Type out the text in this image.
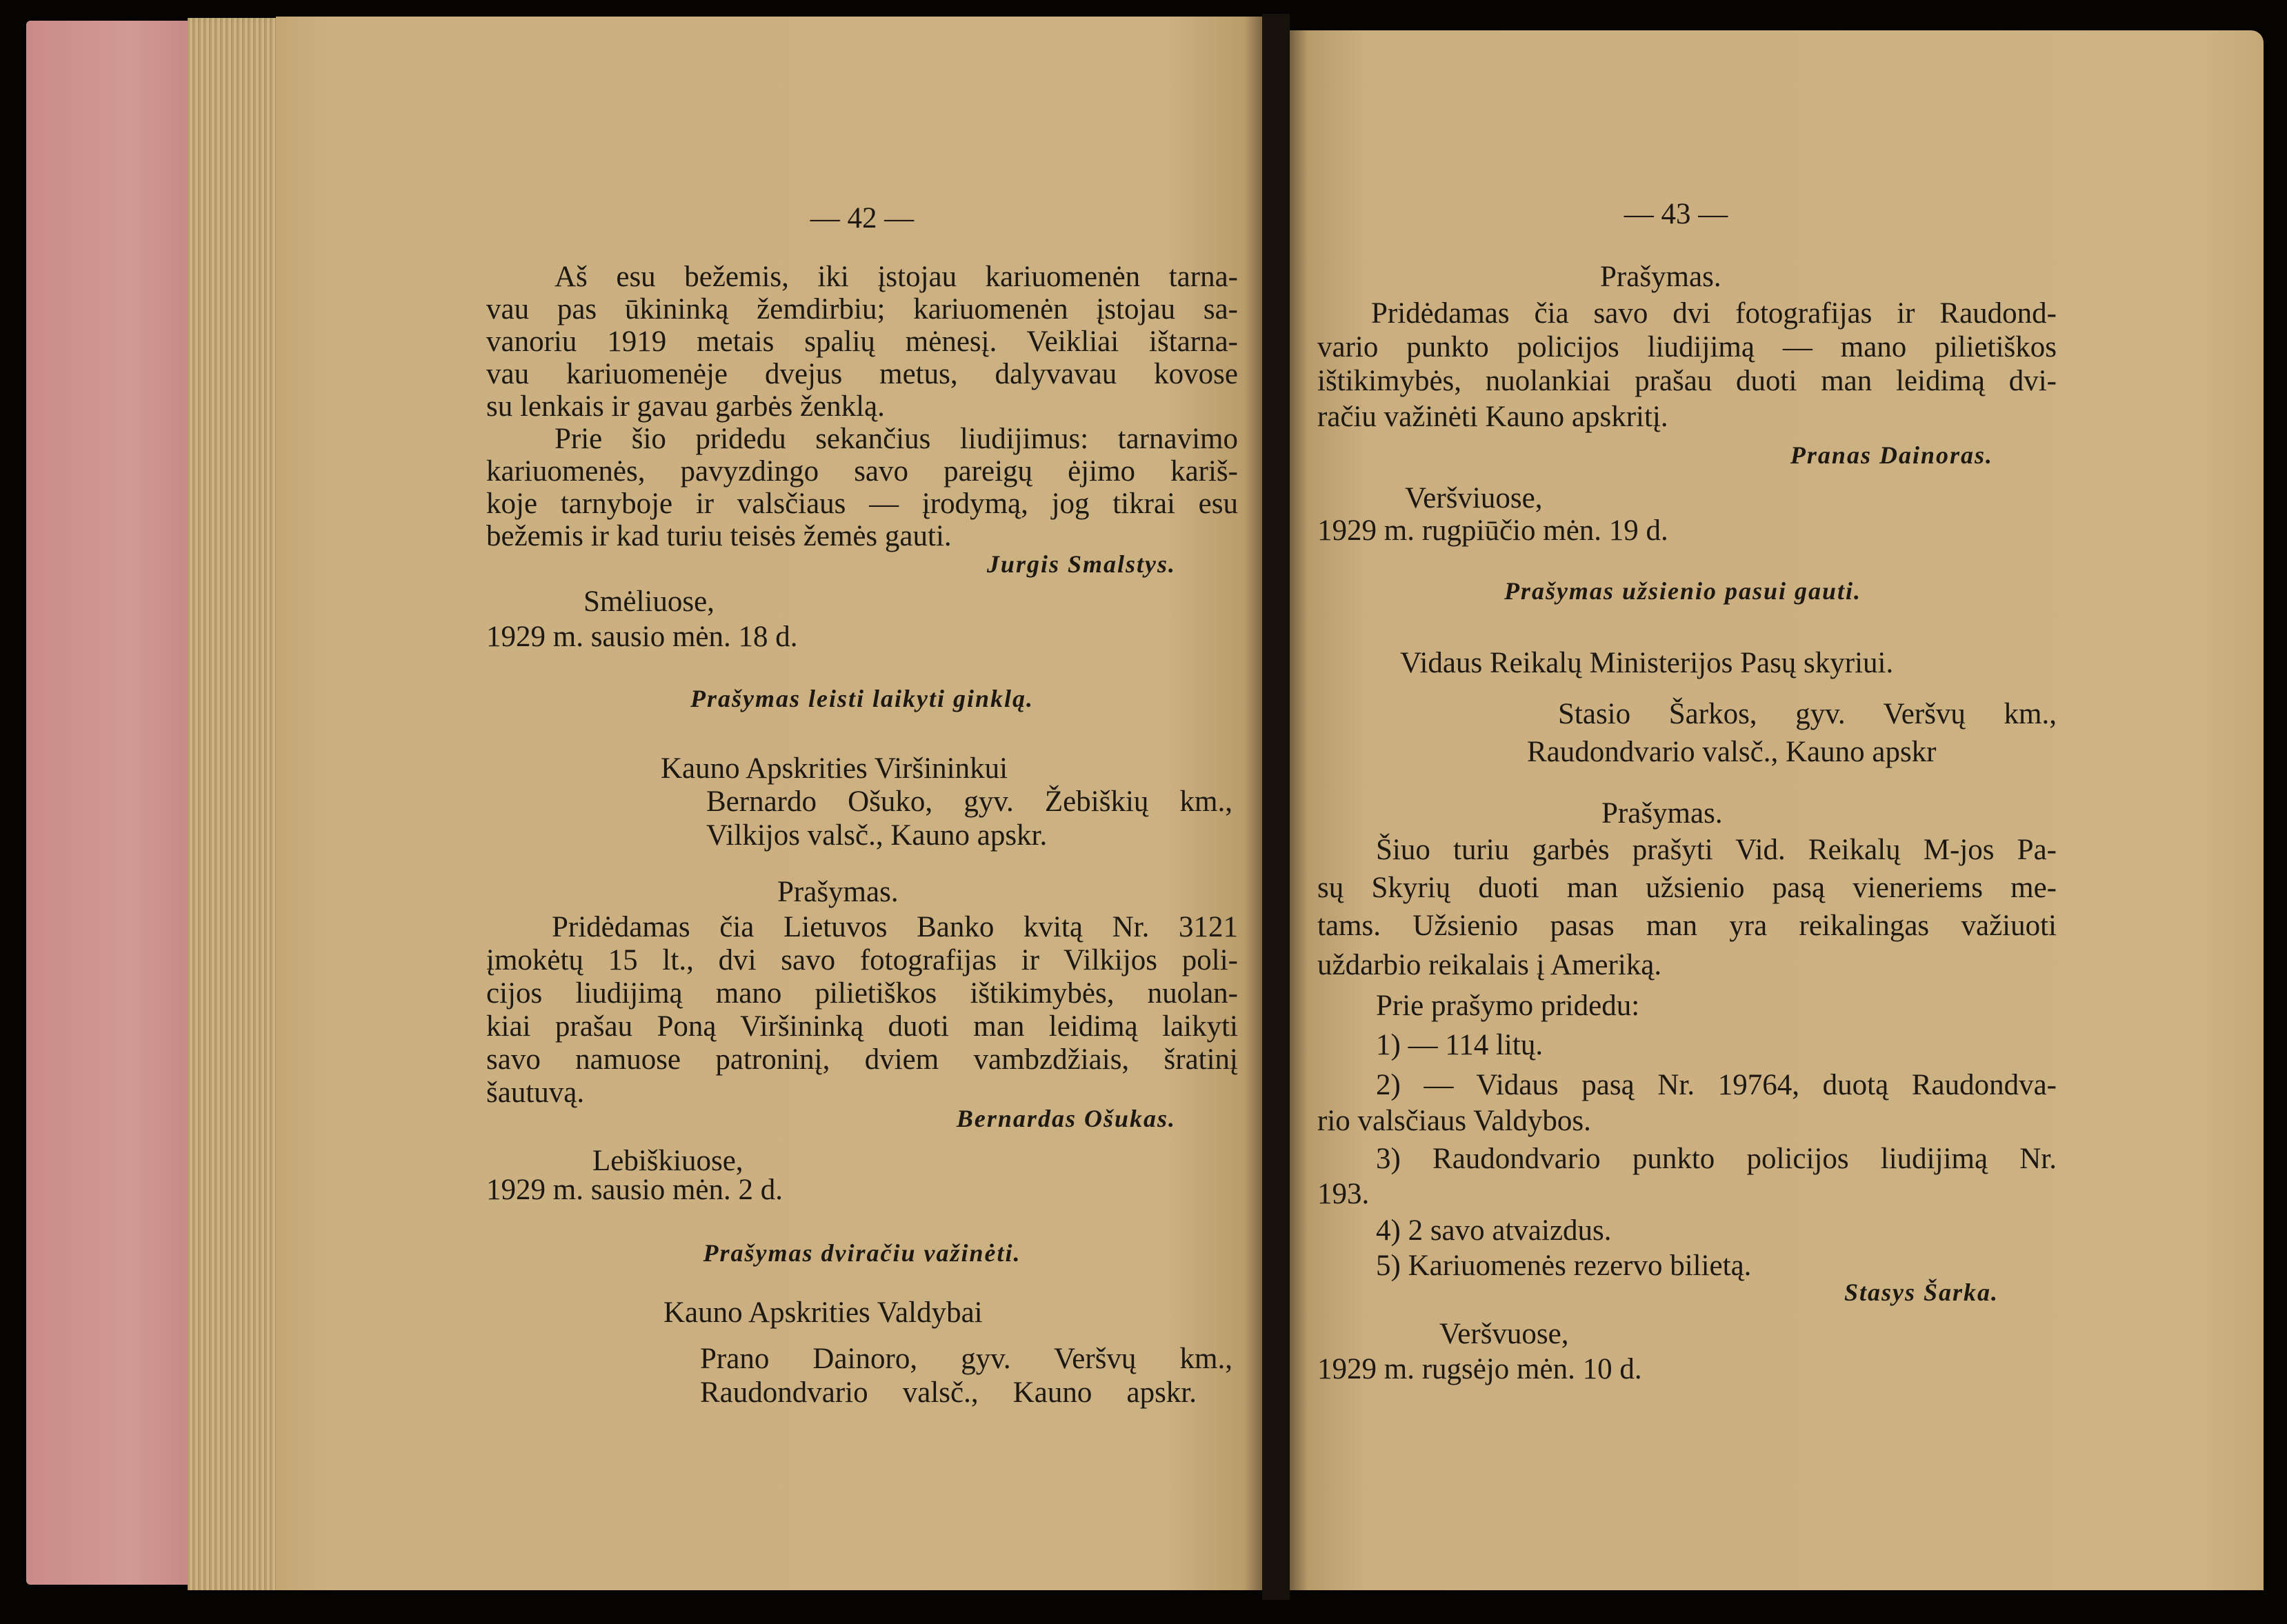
— 42 —
Aš esu bežemis, iki įstojau kariuomenėn tarna-
vau pas ūkininką žemdirbiu; kariuomenėn įstojau sa-
vanoriu 1919 metais spalių mėnesį. Veikliai ištarna-
vau kariuomenėje dvejus metus, dalyvavau kovose
su lenkais ir gavau garbės ženklą.
Prie šio pridedu sekančius liudijimus: tarnavimo
kariuomenės, pavyzdingo savo pareigų ėjimo kariš-
koje tarnyboje ir valsčiaus — įrodymą, jog tikrai esu
bežemis ir kad turiu teisės žemės gauti.
Jurgis Smalstys.
Smėliuose,
1929 m. sausio mėn. 18 d.
Prašymas leisti laikyti ginklą.
Kauno Apskrities Viršininkui
Bernardo Ošuko, gyv. Žebiškių km.,
Vilkijos valsč., Kauno apskr.
Prašymas.
Pridėdamas čia Lietuvos Banko kvitą Nr. 3121
įmokėtų 15 lt., dvi savo fotografijas ir Vilkijos poli-
cijos liudijimą mano pilietiškos ištikimybės, nuolan-
kiai prašau Poną Viršininką duoti man leidimą laikyti
savo namuose patroninį, dviem vambzdžiais, šratinį
šautuvą.
Bernardas Ošukas.
Lebiškiuose,
1929 m. sausio mėn. 2 d.
Prašymas dviračiu važinėti.
Kauno Apskrities Valdybai
Prano Dainoro, gyv. Veršvų km.,
Raudondvario valsč., Kauno apskr.
— 43 —
Prašymas.
Pridėdamas čia savo dvi fotografijas ir Raudond-
vario punkto policijos liudijimą — mano pilietiškos
ištikimybės, nuolankiai prašau duoti man leidimą dvi-
račiu važinėti Kauno apskritį.
Pranas Dainoras.
Veršviuose,
1929 m. rugpiūčio mėn. 19 d.
Prašymas užsienio pasui gauti.
Vidaus Reikalų Ministerijos Pasų skyriui.
Stasio Šarkos, gyv. Veršvų km.,
Raudondvario valsč., Kauno apskr
Prašymas.
Šiuo turiu garbės prašyti Vid. Reikalų M-jos Pa-
sų Skyrių duoti man užsienio pasą vieneriems me-
tams. Užsienio pasas man yra reikalingas važiuoti
uždarbio reikalais į Ameriką.
Prie prašymo pridedu:
1) — 114 litų.
2) — Vidaus pasą Nr. 19764, duotą Raudondva-
rio valsčiaus Valdybos.
3) Raudondvario punkto policijos liudijimą Nr.
193.
4) 2 savo atvaizdus.
5) Kariuomenės rezervo bilietą.
Stasys Šarka.
Veršvuose,
1929 m. rugsėjo mėn. 10 d.
